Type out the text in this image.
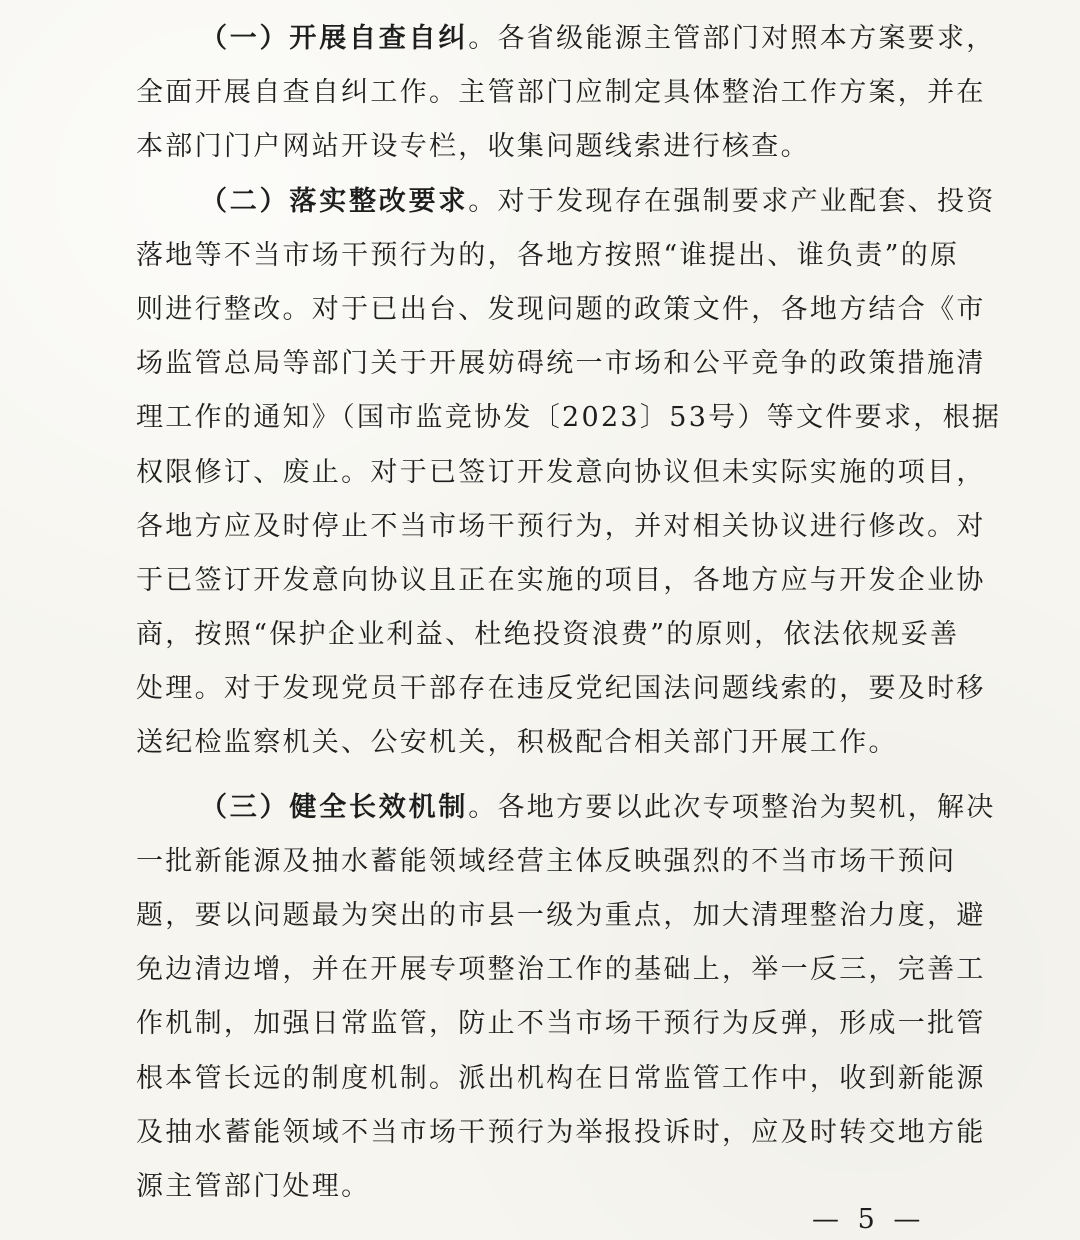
（一）开展自查自纠。各省级能源主管部门对照本方案要求，
全面开展自查自纠工作。主管部门应制定具体整治工作方案，并在
本部门门户网站开设专栏，收集问题线索进行核查。
（二）落实整改要求。对于发现存在强制要求产业配套、投资
落地等不当市场干预行为的，各地方按照“谁提出、谁负责”的原
则进行整改。对于已出台、发现问题的政策文件，各地方结合《市
场监管总局等部门关于开展妨碍统一市场和公平竞争的政策措施清
理工作的通知》（国市监竞协发〔2023〕53号）等文件要求，根据
权限修订、废止。对于已签订开发意向协议但未实际实施的项目，
各地方应及时停止不当市场干预行为，并对相关协议进行修改。对
于已签订开发意向协议且正在实施的项目，各地方应与开发企业协
商，按照“保护企业利益、杜绝投资浪费”的原则，依法依规妥善
处理。对于发现党员干部存在违反党纪国法问题线索的，要及时移
送纪检监察机关、公安机关，积极配合相关部门开展工作。
（三）健全长效机制。各地方要以此次专项整治为契机，解决
一批新能源及抽水蓄能领域经营主体反映强烈的不当市场干预问
题，要以问题最为突出的市县一级为重点，加大清理整治力度，避
免边清边增，并在开展专项整治工作的基础上，举一反三，完善工
作机制，加强日常监管，防止不当市场干预行为反弹，形成一批管
根本管长远的制度机制。派出机构在日常监管工作中，收到新能源
及抽水蓄能领域不当市场干预行为举报投诉时，应及时转交地方能
源主管部门处理。
— 5 —
